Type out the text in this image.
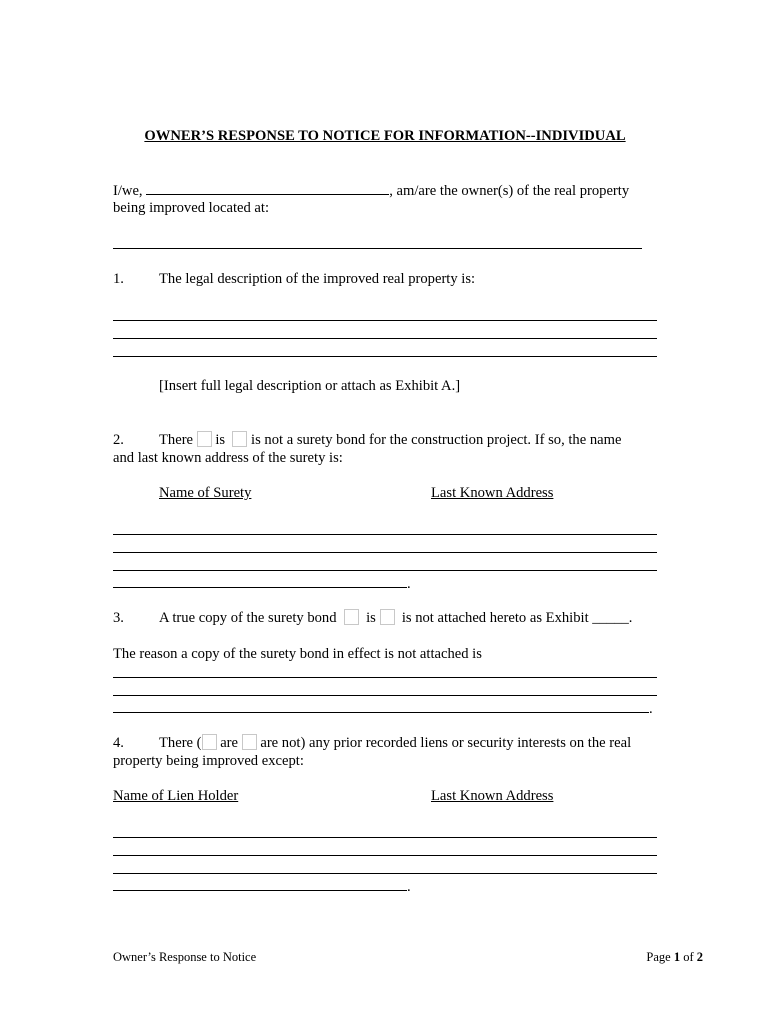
OWNER’S RESPONSE TO NOTICE FOR INFORMATION--INDIVIDUAL
I/we,	, am/are the owner(s) of the real property
being improved located at:
1. The legal description of the improved real property is:
[Insert full legal description or attach as Exhibit A.]
2. There is is not a surety bond for the construction project. If so, the name
and last known address of the surety is:
Name of Surety	Last Known Address
.
3. A true copy of the surety bond is is not attached hereto as Exhibit _____.
The reason a copy of the surety bond in effect is not attached is
.
4. There ( are are not) any prior recorded liens or security interests on the real
property being improved except:
Name of Lien Holder	Last Known Address
.
Owner’s Response to Notice	Page 1 of 2
